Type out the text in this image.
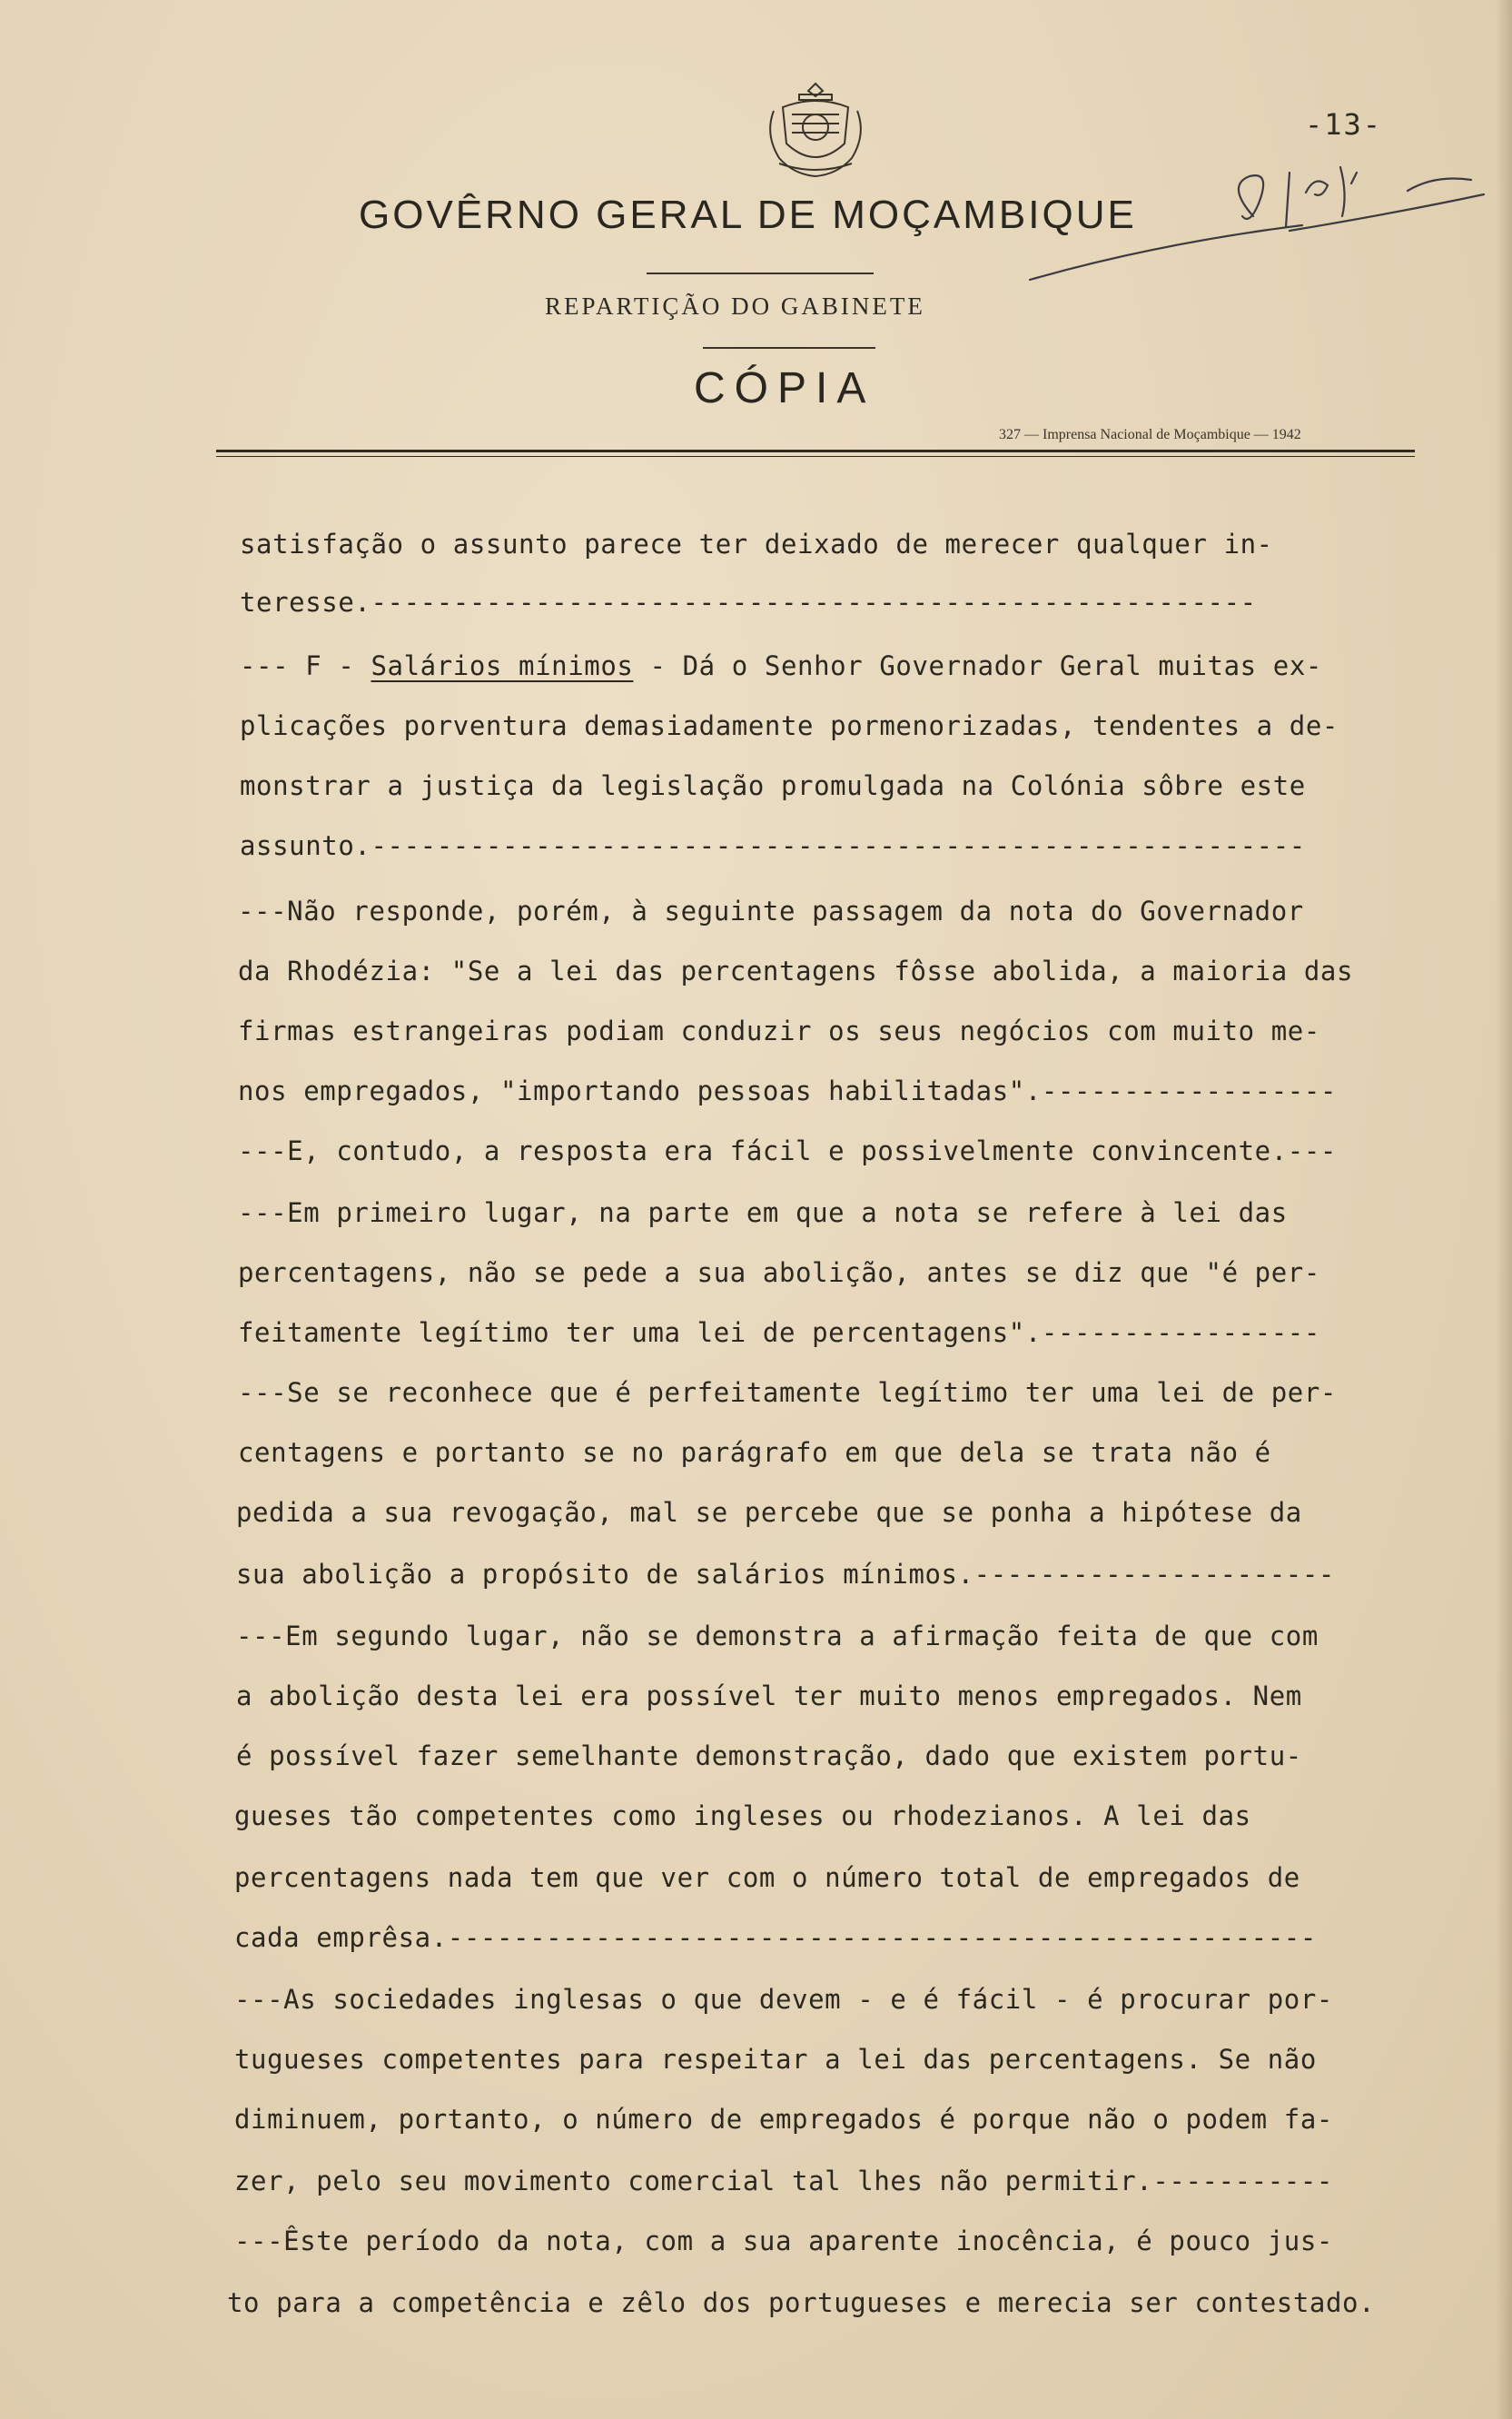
-13-
GOVÊRNO GERAL DE MOÇAMBIQUE
REPARTIÇÃO DO GABINETE
CÓPIA
327 — Imprensa Nacional de Moçambique — 1942
satisfação o assunto parece ter deixado de merecer qualquer in-
teresse.------------------------------------------------------
--- F - Salários mínimos - Dá o Senhor Governador Geral muitas ex-
plicações porventura demasiadamente pormenorizadas, tendentes a de-
monstrar a justiça da legislação promulgada na Colónia sôbre este
assunto.---------------------------------------------------------
---Não responde, porém, à seguinte passagem da nota do Governador
da Rhodézia: "Se a lei das percentagens fôsse abolida, a maioria das
firmas estrangeiras podiam conduzir os seus negócios com muito me-
nos empregados, "importando pessoas habilitadas".------------------
---E, contudo, a resposta era fácil e possivelmente convincente.---
---Em primeiro lugar, na parte em que a nota se refere à lei das
percentagens, não se pede a sua abolição, antes se diz que "é per-
feitamente legítimo ter uma lei de percentagens".-----------------
---Se se reconhece que é perfeitamente legítimo ter uma lei de per-
centagens e portanto se no parágrafo em que dela se trata não é
pedida a sua revogação, mal se percebe que se ponha a hipótese da
sua abolição a propósito de salários mínimos.----------------------
---Em segundo lugar, não se demonstra a afirmação feita de que com
a abolição desta lei era possível ter muito menos empregados. Nem
é possível fazer semelhante demonstração, dado que existem portu-
gueses tão competentes como ingleses ou rhodezianos. A lei das
percentagens nada tem que ver com o número total de empregados de
cada emprêsa.-----------------------------------------------------
---As sociedades inglesas o que devem - e é fácil - é procurar por-
tugueses competentes para respeitar a lei das percentagens. Se não
diminuem, portanto, o número de empregados é porque não o podem fa-
zer, pelo seu movimento comercial tal lhes não permitir.-----------
---Êste período da nota, com a sua aparente inocência, é pouco jus-
to para a competência e zêlo dos portugueses e merecia ser contestado.
